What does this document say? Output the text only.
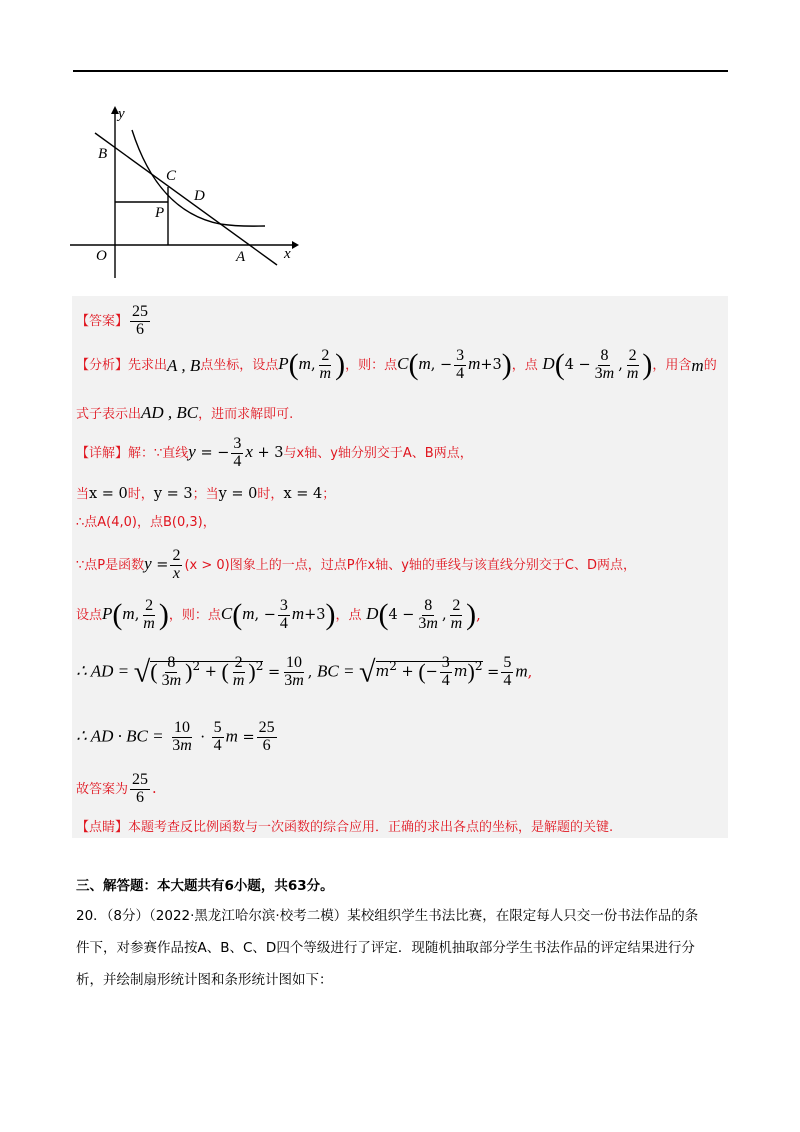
y
B
C
D
P
O	A	x
【答案】 $\frac{25}{6}$
【分析】先求出A , B点坐标，设点P(m, $\frac{2}{m}$ )，则：点C(m, − $\frac{3}{4} m+3$)，点 $D(4 - \frac{8}{3m}$ , $\frac{2}{m}$ )，用含m的
式子表示出AD , BC，进而求解即可.
【详解】解：∵直线y = − $\frac{3}{4}$ x + 3与x轴、y轴分别交于A、B两点，
当x = 0时，y = 3；当y = 0时，x = 4；
∴点A(4,0)，点B(0,3)，
∵点P是函数$y = \frac{2}{x} (x > 0)$图象上的一点，过点P作x轴、y轴的垂线与该直线分别交于C、D两点，
设点P(m, $\frac{2}{m}$ )，则：点C(m, − $\frac{3}{4} m+3$)，点 $D(4 - \frac{8}{3m}$ , $\frac{2}{m}$ ),
∴ AD = √( $\frac{8}{3m} )^2$ + ( $\frac{2}{m} )^2 = \frac{10}{3m}$ , BC = $√m^2$ + (− $\frac{3}{4} m)^2 = \frac{5}{4} m$,
∴ AD · BC = $\frac{10}{3m} \cdot \frac{5}{4}$ $m = \frac{25}{6}$
故答案为 $\frac{25}{6}$ .
【点睛】本题考查反比例函数与一次函数的综合应用．正确的求出各点的坐标，是解题的关键.
三、解答题：本大题共有6小题，共63分。
20．（8分）（2022·黑龙江哈尔滨·校考二模）某校组织学生书法比赛，在限定每人只交一份书法作品的条
件下，对参赛作品按A、B、C、D四个等级进行了评定．现随机抽取部分学生书法作品的评定结果进行分
析，并绘制扇形统计图和条形统计图如下：
